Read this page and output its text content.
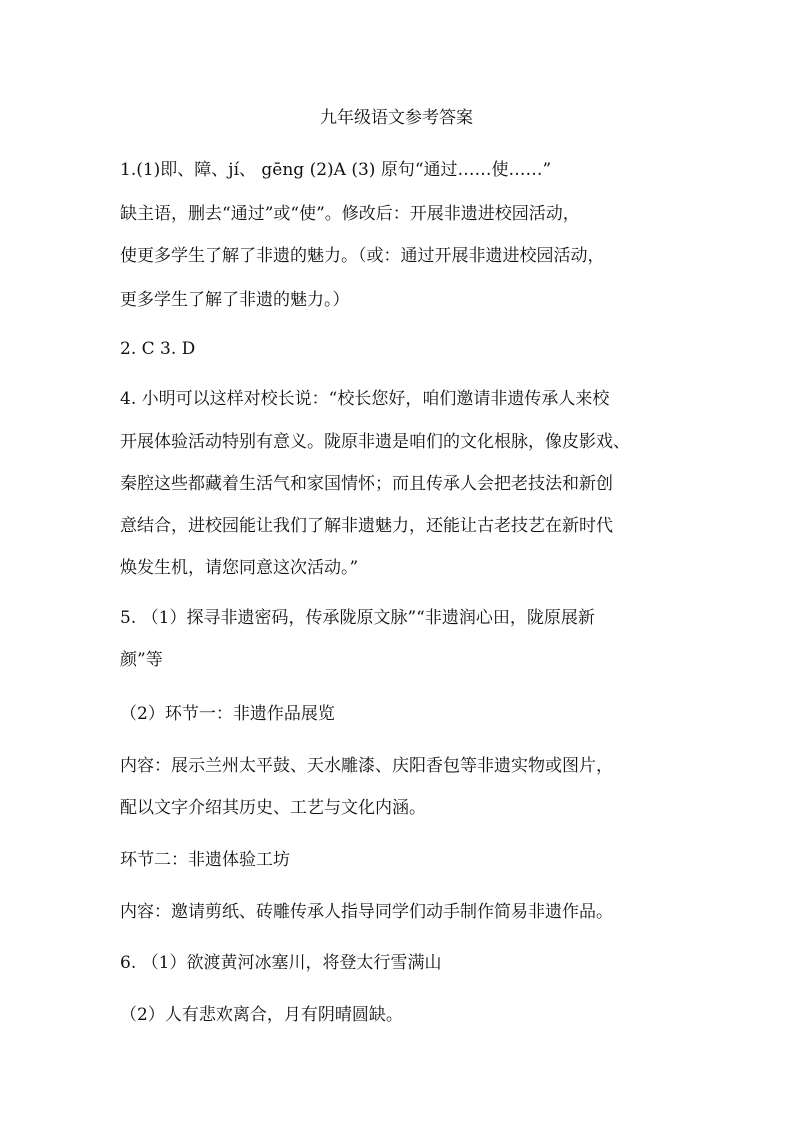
九年级语文参考答案
1.(1)即、障、jí、 gēng (2)A (3) 原句“通过……使……”
缺主语，删去“通过”或“使”。修改后：开展非遗进校园活动，
使更多学生了解了非遗的魅力。（或：通过开展非遗进校园活动，
更多学生了解了非遗的魅力。）
2. C 3. D
4. 小明可以这样对校长说：“校长您好，咱们邀请非遗传承人来校
开展体验活动特别有意义。陇原非遗是咱们的文化根脉，像皮影戏、
秦腔这些都藏着生活气和家国情怀；而且传承人会把老技法和新创
意结合，进校园能让我们了解非遗魅力，还能让古老技艺在新时代
焕发生机，请您同意这次活动。”
5. （1）探寻非遗密码，传承陇原文脉”“非遗润心田，陇原展新
颜”等
（2）环节一：非遗作品展览
内容：展示兰州太平鼓、天水雕漆、庆阳香包等非遗实物或图片，
配以文字介绍其历史、工艺与文化内涵。
环节二：非遗体验工坊
内容：邀请剪纸、砖雕传承人指导同学们动手制作简易非遗作品。
6. （1）欲渡黄河冰塞川，将登太行雪满山
（2）人有悲欢离合，月有阴晴圆缺。
